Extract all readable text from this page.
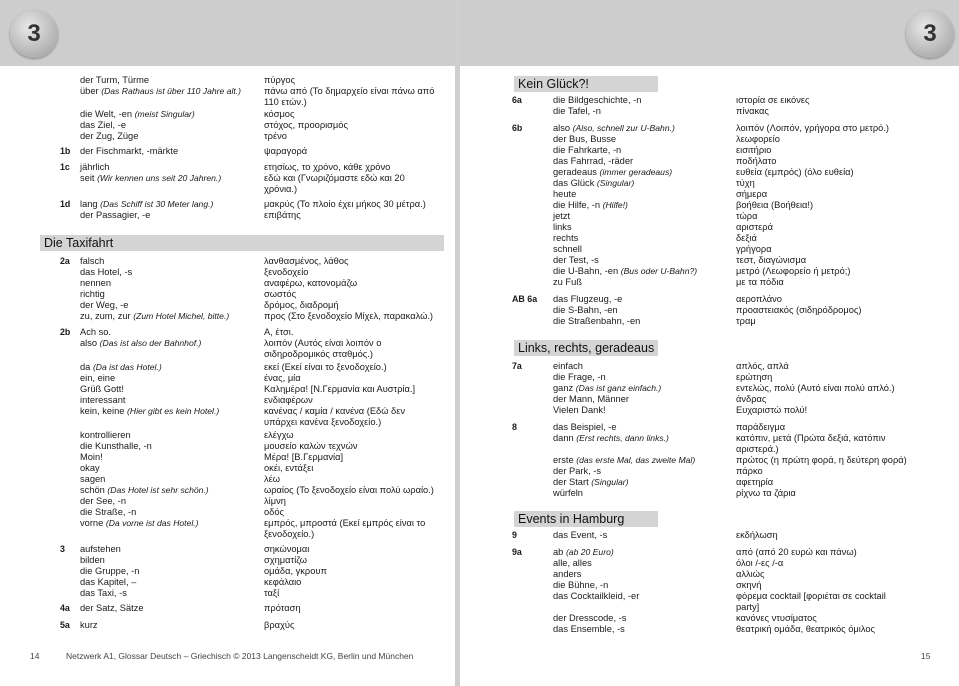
3
Die Taxifahrt
der Turm, Türme	πύργος
über (Das Rathaus ist über 110 Jahre alt.) πάνω από (Το δημαρχείο είναι πάνω από
110 ετών.)
die Welt, -en (meist Singular)	κόσμος
das Ziel, -e	στόχος, προορισμός
der Zug, Züge	τρένο
1b der Fischmarkt, -märkte	ψαραγορά
1c jährlich	ετησίως, το χρόνο, κάθε χρόνο
seit (Wir kennen uns seit 20 Jahren.)	εδώ και (Γνωριζόμαστε εδώ και 20
χρόνια.)
1d lang (Das Schiff ist 30 Meter lang.)	μακρύς (Το πλοίο έχει μήκος 30 μέτρα.)
der Passagier, -e	επιβάτης
2a falsch	λανθασμένος, λάθος
das Hotel, -s	ξενοδοχείο
nennen	αναφέρω, κατονομάζω
richtig	σωστός
der Weg, -e	δρόμος, διαδρομή
zu, zum, zur (Zum Hotel Michel, bitte.)	προς (Στο ξενοδοχείο Μίχελ, παρακαλώ.)
2b Ach so.	Α, έτσι.
also (Das ist also der Bahnhof.)	λοιπόν (Αυτός είναι λοιπόν ο
σιδηροδρομικός σταθμός.)
da (Da ist das Hotel.)	εκεί (Εκεί είναι το ξενοδοχείο.)
ein, eine	ένας, μία
Grüß Gott!	Καλημέρα! [Ν.Γερμανία και Αυστρία.]
interessant	ενδιαφέρων
kein, keine (Hier gibt es kein Hotel.)	κανένας / καμία / κανένα (Εδώ δεν
υπάρχει κανένα ξενοδοχείο.)
kontrollieren	ελέγχω
die Kunsthalle, -n	μουσείο καλών τεχνών
Moin!	Μέρα! [Β.Γερμανία]
okay	οκέι, εντάξει
sagen	λέω
schön (Das Hotel ist sehr schön.)	ωραίος (Το ξενοδοχείο είναι πολύ ωραίο.)
der See, -n	λίμνη
die Straße, -n	οδός
vorne (Da vorne ist das Hotel.)	εμπρός, μπροστά (Εκεί εμπρός είναι το
ξενοδοχείο.)
3 aufstehen	σηκώνομαι
bilden	σχηματίζω
die Gruppe, -n	ομάδα, γκρουπ
das Kapitel, –	κεφάλαιο
das Taxi, -s	ταξί
4a der Satz, Sätze	πρόταση
5a kurz	βραχύς
14	Netzwerk A1, Glossar Deutsch – Griechisch © 2013 Langenscheidt KG, Berlin und München
3
Kein Glück?!
Links, rechts, geradeaus
Events in Hamburg
6a	die Bildgeschichte, -n	ιστορία σε εικόνες
die Tafel, -n	πίνακας
6b	also (Also, schnell zur U-Bahn.)	λοιπόν (Λοιπόν, γρήγορα στο μετρό.)
der Bus, Busse	λεωφορείο
die Fahrkarte, -n	εισιτήριο
das Fahrrad, -räder	ποδήλατο
geradeaus (immer geradeaus)	ευθεία (εμπρός) (όλο ευθεία)
das Glück (Singular)	τύχη
heute	σήμερα
die Hilfe, -n (Hilfe!)	βοήθεια (Βοήθεια!)
jetzt	τώρα
links	αριστερά
rechts	δεξιά
schnell	γρήγορα
der Test, -s	τεστ, διαγώνισμα
die U-Bahn, -en (Bus oder U-Bahn?)	μετρό (Λεωφορείο ή μετρό;)
zu Fuß	με τα πόδια
AB 6a das Flugzeug, -e	αεροπλάνο
die S-Bahn, -en	προαστειακός (σιδηρόδρομος)
die Straßenbahn, -en	τραμ
7a	einfach	απλός, απλά
die Frage, -n	ερώτηση
ganz (Das ist ganz einfach.)	εντελώς, πολύ (Αυτό είναι πολύ απλό.)
der Mann, Männer	άνδρας
Vielen Dank!	Ευχαριστώ πολύ!
8	das Beispiel, -e	παράδειγμα
dann (Erst rechts, dann links.)	κατόπιν, μετά (Πρώτα δεξιά, κατόπιν
αριστερά.)
erste (das erste Mal, das zweite Mal)	πρώτος (η πρώτη φορά, η δεύτερη φορά)
der Park, -s	πάρκο
der Start (Singular)	αφετηρία
würfeln	ρίχνω τα ζάρια
9	das Event, -s	εκδήλωση
9a	ab (ab 20 Euro)	από (από 20 ευρώ και πάνω)
alle, alles	όλοι /-ες /-α
anders	αλλιώς
die Bühne, -n	σκηνή
das Cocktailkleid, -er	φόρεμα cocktail [φοριέται σε cocktail
party]
der Dresscode, -s	κανόνες ντυσίματος
das Ensemble, -s	θεατρική ομάδα, θεατρικός όμιλος
15
